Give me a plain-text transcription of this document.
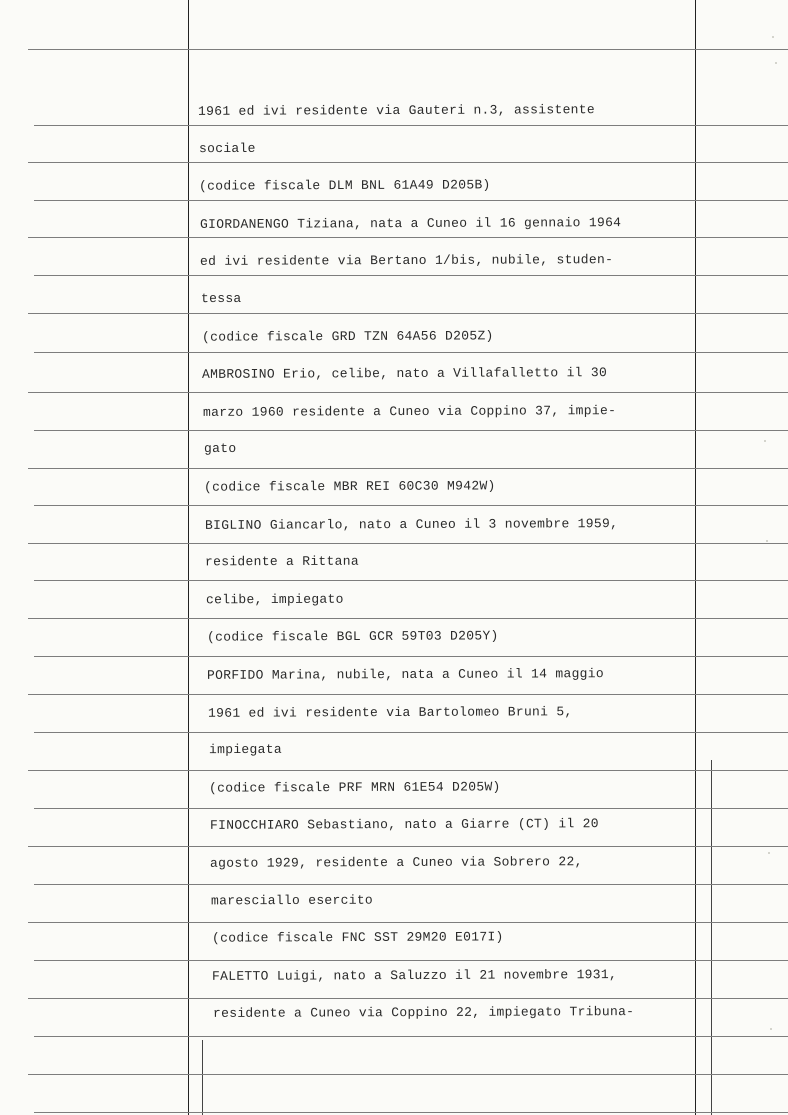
1961 ed ivi residente via Gauteri n.3, assistente
sociale
(codice fiscale DLM BNL 61A49 D205B)
GIORDANENGO Tiziana, nata a Cuneo il 16 gennaio 1964
ed ivi residente via Bertano 1/bis, nubile, studen-
tessa
(codice fiscale GRD TZN 64A56 D205Z)
AMBROSINO Erio, celibe, nato a Villafalletto il 30
marzo 1960 residente a Cuneo via Coppino 37, impie-
gato
(codice fiscale MBR REI 60C30 M942W)
BIGLINO Giancarlo, nato a Cuneo il 3 novembre 1959,
residente a Rittana
celibe, impiegato
(codice fiscale BGL GCR 59T03 D205Y)
PORFIDO Marina, nubile, nata a Cuneo il 14 maggio
1961 ed ivi residente via Bartolomeo Bruni 5,
impiegata
(codice fiscale PRF MRN 61E54 D205W)
FINOCCHIARO Sebastiano, nato a Giarre (CT) il 20
agosto 1929, residente a Cuneo via Sobrero 22,
maresciallo esercito
(codice fiscale FNC SST 29M20 E017I)
FALETTO Luigi, nato a Saluzzo il 21 novembre 1931,
residente a Cuneo via Coppino 22, impiegato Tribuna-
